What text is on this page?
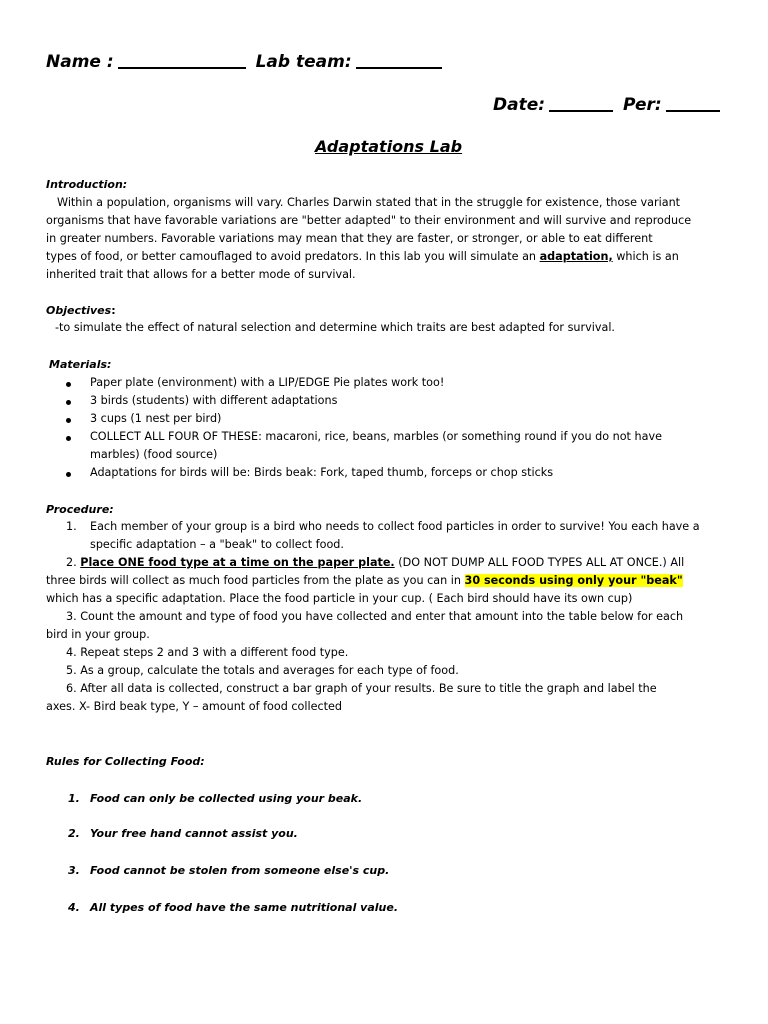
Name :	Lab team:
Date:	Per:
Adaptations Lab
Introduction:
Within a population, organisms will vary. Charles Darwin stated that in the struggle for existence, those variant
organisms that have favorable variations are "better adapted" to their environment and will survive and reproduce
in greater numbers. Favorable variations may mean that they are faster, or stronger, or able to eat different
types of food, or better camouflaged to avoid predators. In this lab you will simulate an adaptation, which is an
inherited trait that allows for a better mode of survival.
Objectives:
-to simulate the effect of natural selection and determine which traits are best adapted for survival.
Materials:
Paper plate (environment) with a LIP/EDGE Pie plates work too!
3 birds (students) with different adaptations
3 cups (1 nest per bird)
COLLECT ALL FOUR OF THESE: macaroni, rice, beans, marbles (or something round if you do not have
marbles) (food source)
Adaptations for birds will be: Birds beak: Fork, taped thumb, forceps or chop sticks
Procedure:
1. Each member of your group is a bird who needs to collect food particles in order to survive! You each have a
specific adaptation – a "beak" to collect food.
2. Place ONE food type at a time on the paper plate. (DO NOT DUMP ALL FOOD TYPES ALL AT ONCE.) All
three birds will collect as much food particles from the plate as you can in 30 seconds using only your "beak"
which has a specific adaptation. Place the food particle in your cup. ( Each bird should have its own cup)
3. Count the amount and type of food you have collected and enter that amount into the table below for each
bird in your group.
4. Repeat steps 2 and 3 with a different food type.
5. As a group, calculate the totals and averages for each type of food.
6. After all data is collected, construct a bar graph of your results. Be sure to title the graph and label the
axes. X- Bird beak type, Y – amount of food collected
Rules for Collecting Food:
1. Food can only be collected using your beak.
2. Your free hand cannot assist you.
3. Food cannot be stolen from someone else's cup.
4. All types of food have the same nutritional value.
